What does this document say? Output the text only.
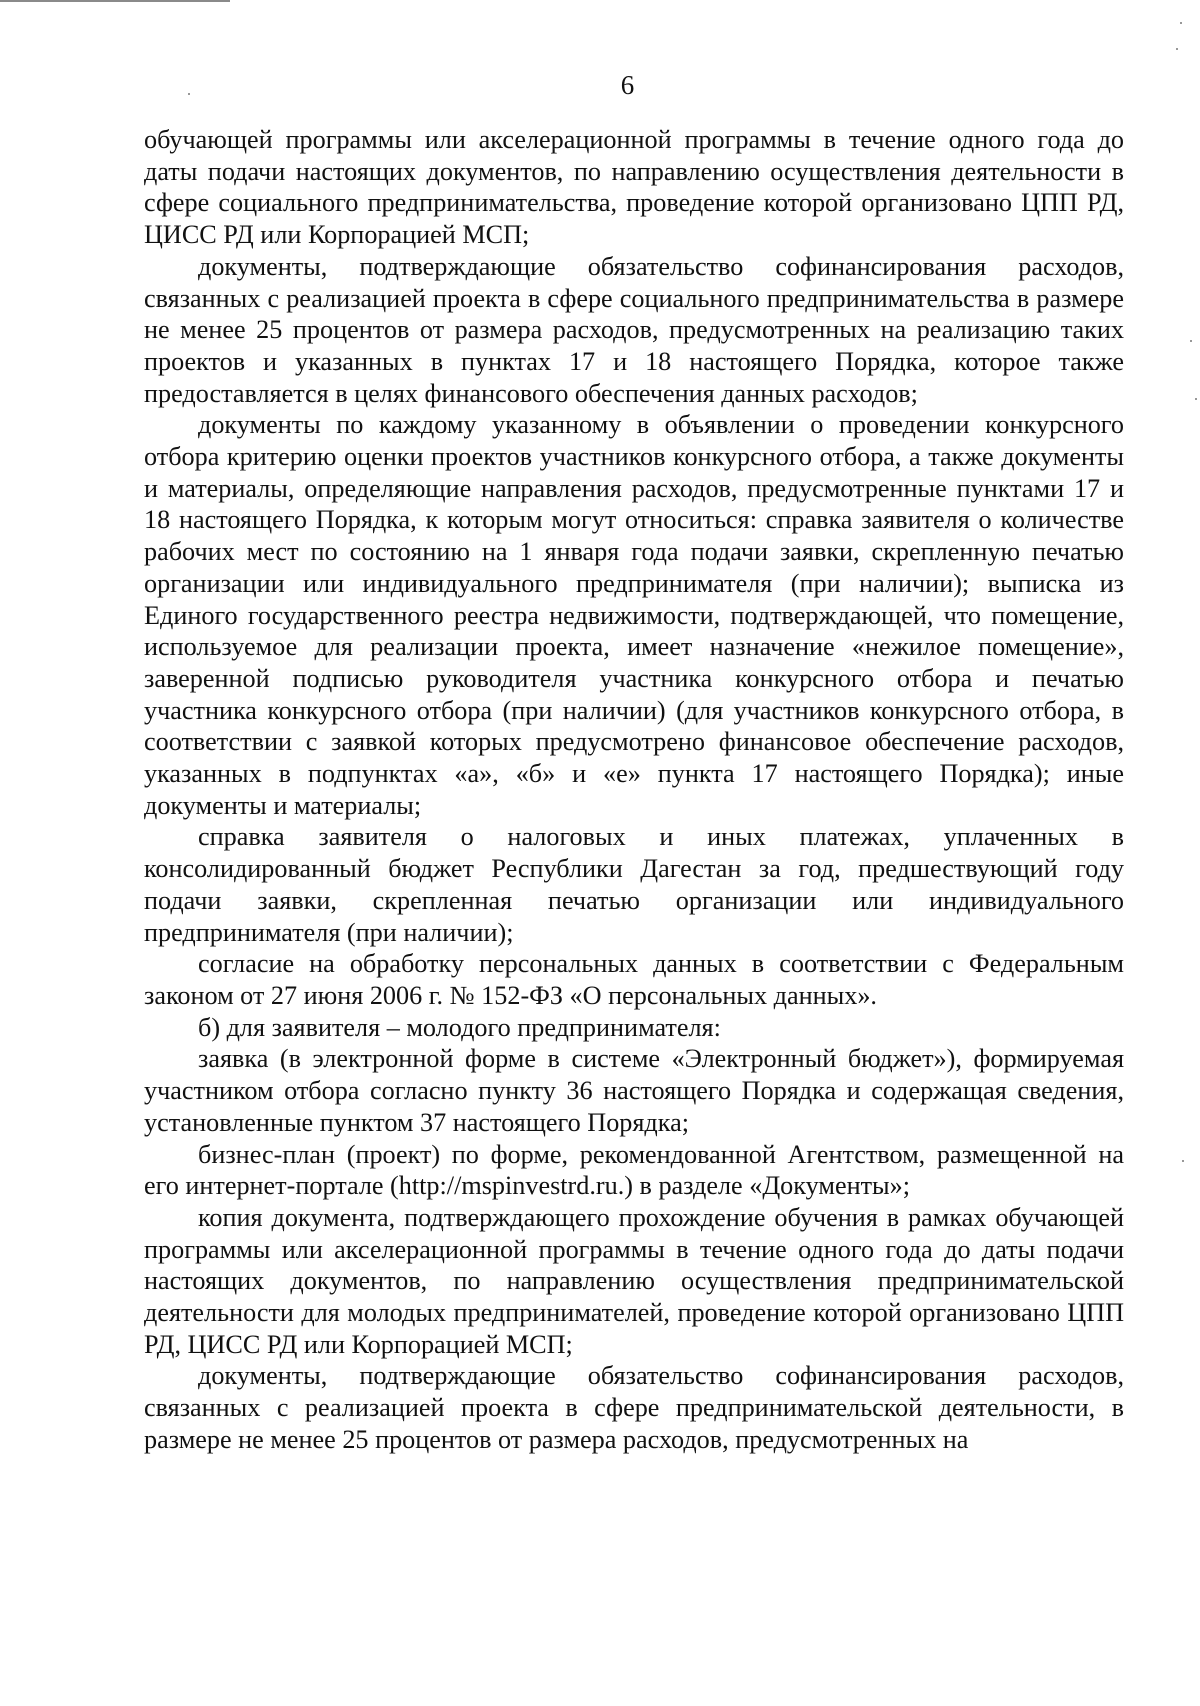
6

обучающей программы или акселерационной программы в течение одного года до даты подачи настоящих документов, по направлению осуществления деятельности в сфере социального предпринимательства, проведение которой организовано ЦПП РД, ЦИСС РД или Корпорацией МСП;

документы, подтверждающие обязательство софинансирования расходов, связанных с реализацией проекта в сфере социального предпринимательства в размере не менее 25 процентов от размера расходов, предусмотренных на реализацию таких проектов и указанных в пунктах 17 и 18 настоящего Порядка, которое также предоставляется в целях финансового обеспечения данных расходов;

документы по каждому указанному в объявлении о проведении конкурсного отбора критерию оценки проектов участников конкурсного отбора, а также документы и материалы, определяющие направления расходов, предусмотренные пунктами 17 и 18 настоящего Порядка, к которым могут относиться: справка заявителя о количестве рабочих мест по состоянию на 1 января года подачи заявки, скрепленную печатью организации или индивидуального предпринимателя (при наличии); выписка из Единого государственного реестра недвижимости, подтверждающей, что помещение, используемое для реализации проекта, имеет назначение «нежилое помещение», заверенной подписью руководителя участника конкурсного отбора и печатью участника конкурсного отбора (при наличии) (для участников конкурсного отбора, в соответствии с заявкой которых предусмотрено финансовое обеспечение расходов, указанных в подпунктах «а», «б» и «е» пункта 17 настоящего Порядка); иные документы и материалы;

справка заявителя о налоговых и иных платежах, уплаченных в консолидированный бюджет Республики Дагестан за год, предшествующий году подачи заявки, скрепленная печатью организации или индивидуального предпринимателя (при наличии);

согласие на обработку персональных данных в соответствии с Федеральным законом от 27 июня 2006 г. № 152-ФЗ «О персональных данных».

б) для заявителя – молодого предпринимателя:

заявка (в электронной форме в системе «Электронный бюджет»), формируемая участником отбора согласно пункту 36 настоящего Порядка и содержащая сведения, установленные пунктом 37 настоящего Порядка;

бизнес-план (проект) по форме, рекомендованной Агентством, размещенной на его интернет-портале (http://mspinvestrd.ru.) в разделе «Документы»;

копия документа, подтверждающего прохождение обучения в рамках обучающей программы или акселерационной программы в течение одного года до даты подачи настоящих документов, по направлению осуществления предпринимательской деятельности для молодых предпринимателей, проведение которой организовано ЦПП РД, ЦИСС РД или Корпорацией МСП;

документы, подтверждающие обязательство софинансирования расходов, связанных с реализацией проекта в сфере предпринимательской деятельности, в размере не менее 25 процентов от размера расходов, предусмотренных на
